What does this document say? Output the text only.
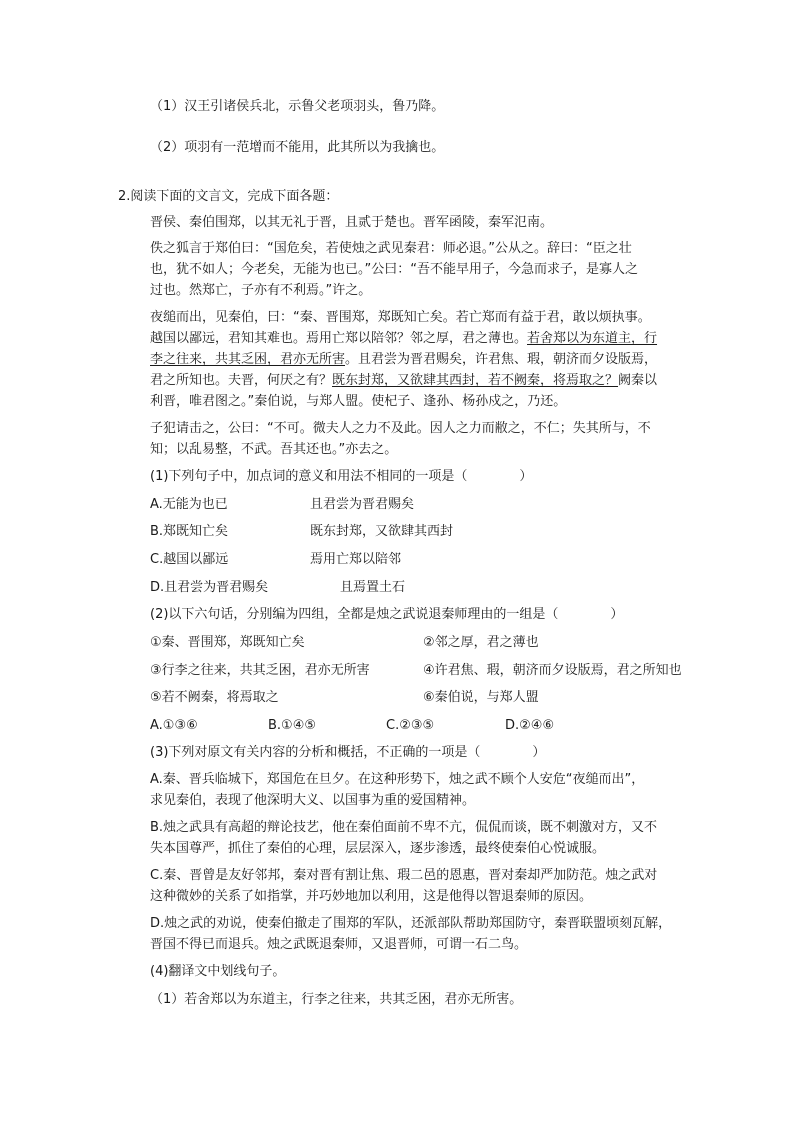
（1）汉王引诸侯兵北，示鲁父老项羽头，鲁乃降。
（2）项羽有一范增而不能用，此其所以为我擒也。
2.阅读下面的文言文，完成下面各题：
晋侯、秦伯围郑，以其无礼于晋，且贰于楚也。晋军函陵，秦军氾南。
佚之狐言于郑伯曰：“国危矣，若使烛之武见秦君：师必退。”公从之。辞曰：“臣之壮
也，犹不如人；今老矣，无能为也已。”公曰：“吾不能早用子，今急而求子，是寡人之
过也。然郑亡，子亦有不利焉。”许之。
夜缒而出，见秦伯，曰：“秦、晋围郑，郑既知亡矣。若亡郑而有益于君，敢以烦执事。
越国以鄙远，君知其难也。焉用亡郑以陪邻？邻之厚，君之薄也。若舍郑以为东道主，行
李之往来，共其乏困，君亦无所害。且君尝为晋君赐矣，许君焦、瑕，朝济而夕设版焉，
君之所知也。夫晋，何厌之有？既东封郑，又欲肆其西封，若不阙秦，将焉取之？阙秦以
利晋，唯君图之。”秦伯说，与郑人盟。使杞子、逢孙、杨孙戍之，乃还。
子犯请击之，公曰：“不可。微夫人之力不及此。因人之力而敝之，不仁；失其所与，不
知；以乱易整，不武。吾其还也。”亦去之。
(1)下列句子中，加点词的意义和用法不相同的一项是（　　　　）
A.无能为也已	且君尝为晋君赐矣
B.郑既知亡矣	既东封郑，又欲肆其西封
C.越国以鄙远	焉用亡郑以陪邻
D.且君尝为晋君赐矣	且焉置土石
(2)以下六句话，分别编为四组，全都是烛之武说退秦师理由的一组是（　　　　）
①秦、晋围郑，郑既知亡矣	②邻之厚，君之薄也
③行李之往来，共其乏困，君亦无所害	④许君焦、瑕，朝济而夕设版焉，君之所知也
⑤若不阙秦，将焉取之	⑥秦伯说，与郑人盟
A.①③⑥	B.①④⑤	C.②③⑤	D.②④⑥
(3)下列对原文有关内容的分析和概括，不正确的一项是（　　　　）
A.秦、晋兵临城下，郑国危在旦夕。在这种形势下，烛之武不顾个人安危“夜缒而出”，
求见秦伯，表现了他深明大义、以国事为重的爱国精神。
B.烛之武具有高超的辩论技艺，他在秦伯面前不卑不亢，侃侃而谈，既不刺激对方，又不
失本国尊严，抓住了秦伯的心理，层层深入，逐步渗透，最终使秦伯心悦诚服。
C.秦、晋曾是友好邻邦，秦对晋有割让焦、瑕二邑的恩惠，晋对秦却严加防范。烛之武对
这种微妙的关系了如指掌，并巧妙地加以利用，这是他得以智退秦师的原因。
D.烛之武的劝说，使秦伯撤走了围郑的军队，还派部队帮助郑国防守，秦晋联盟顷刻瓦解，
晋国不得已而退兵。烛之武既退秦师，又退晋师，可谓一石二鸟。
(4)翻译文中划线句子。
（1）若舍郑以为东道主，行李之往来，共其乏困，君亦无所害。
